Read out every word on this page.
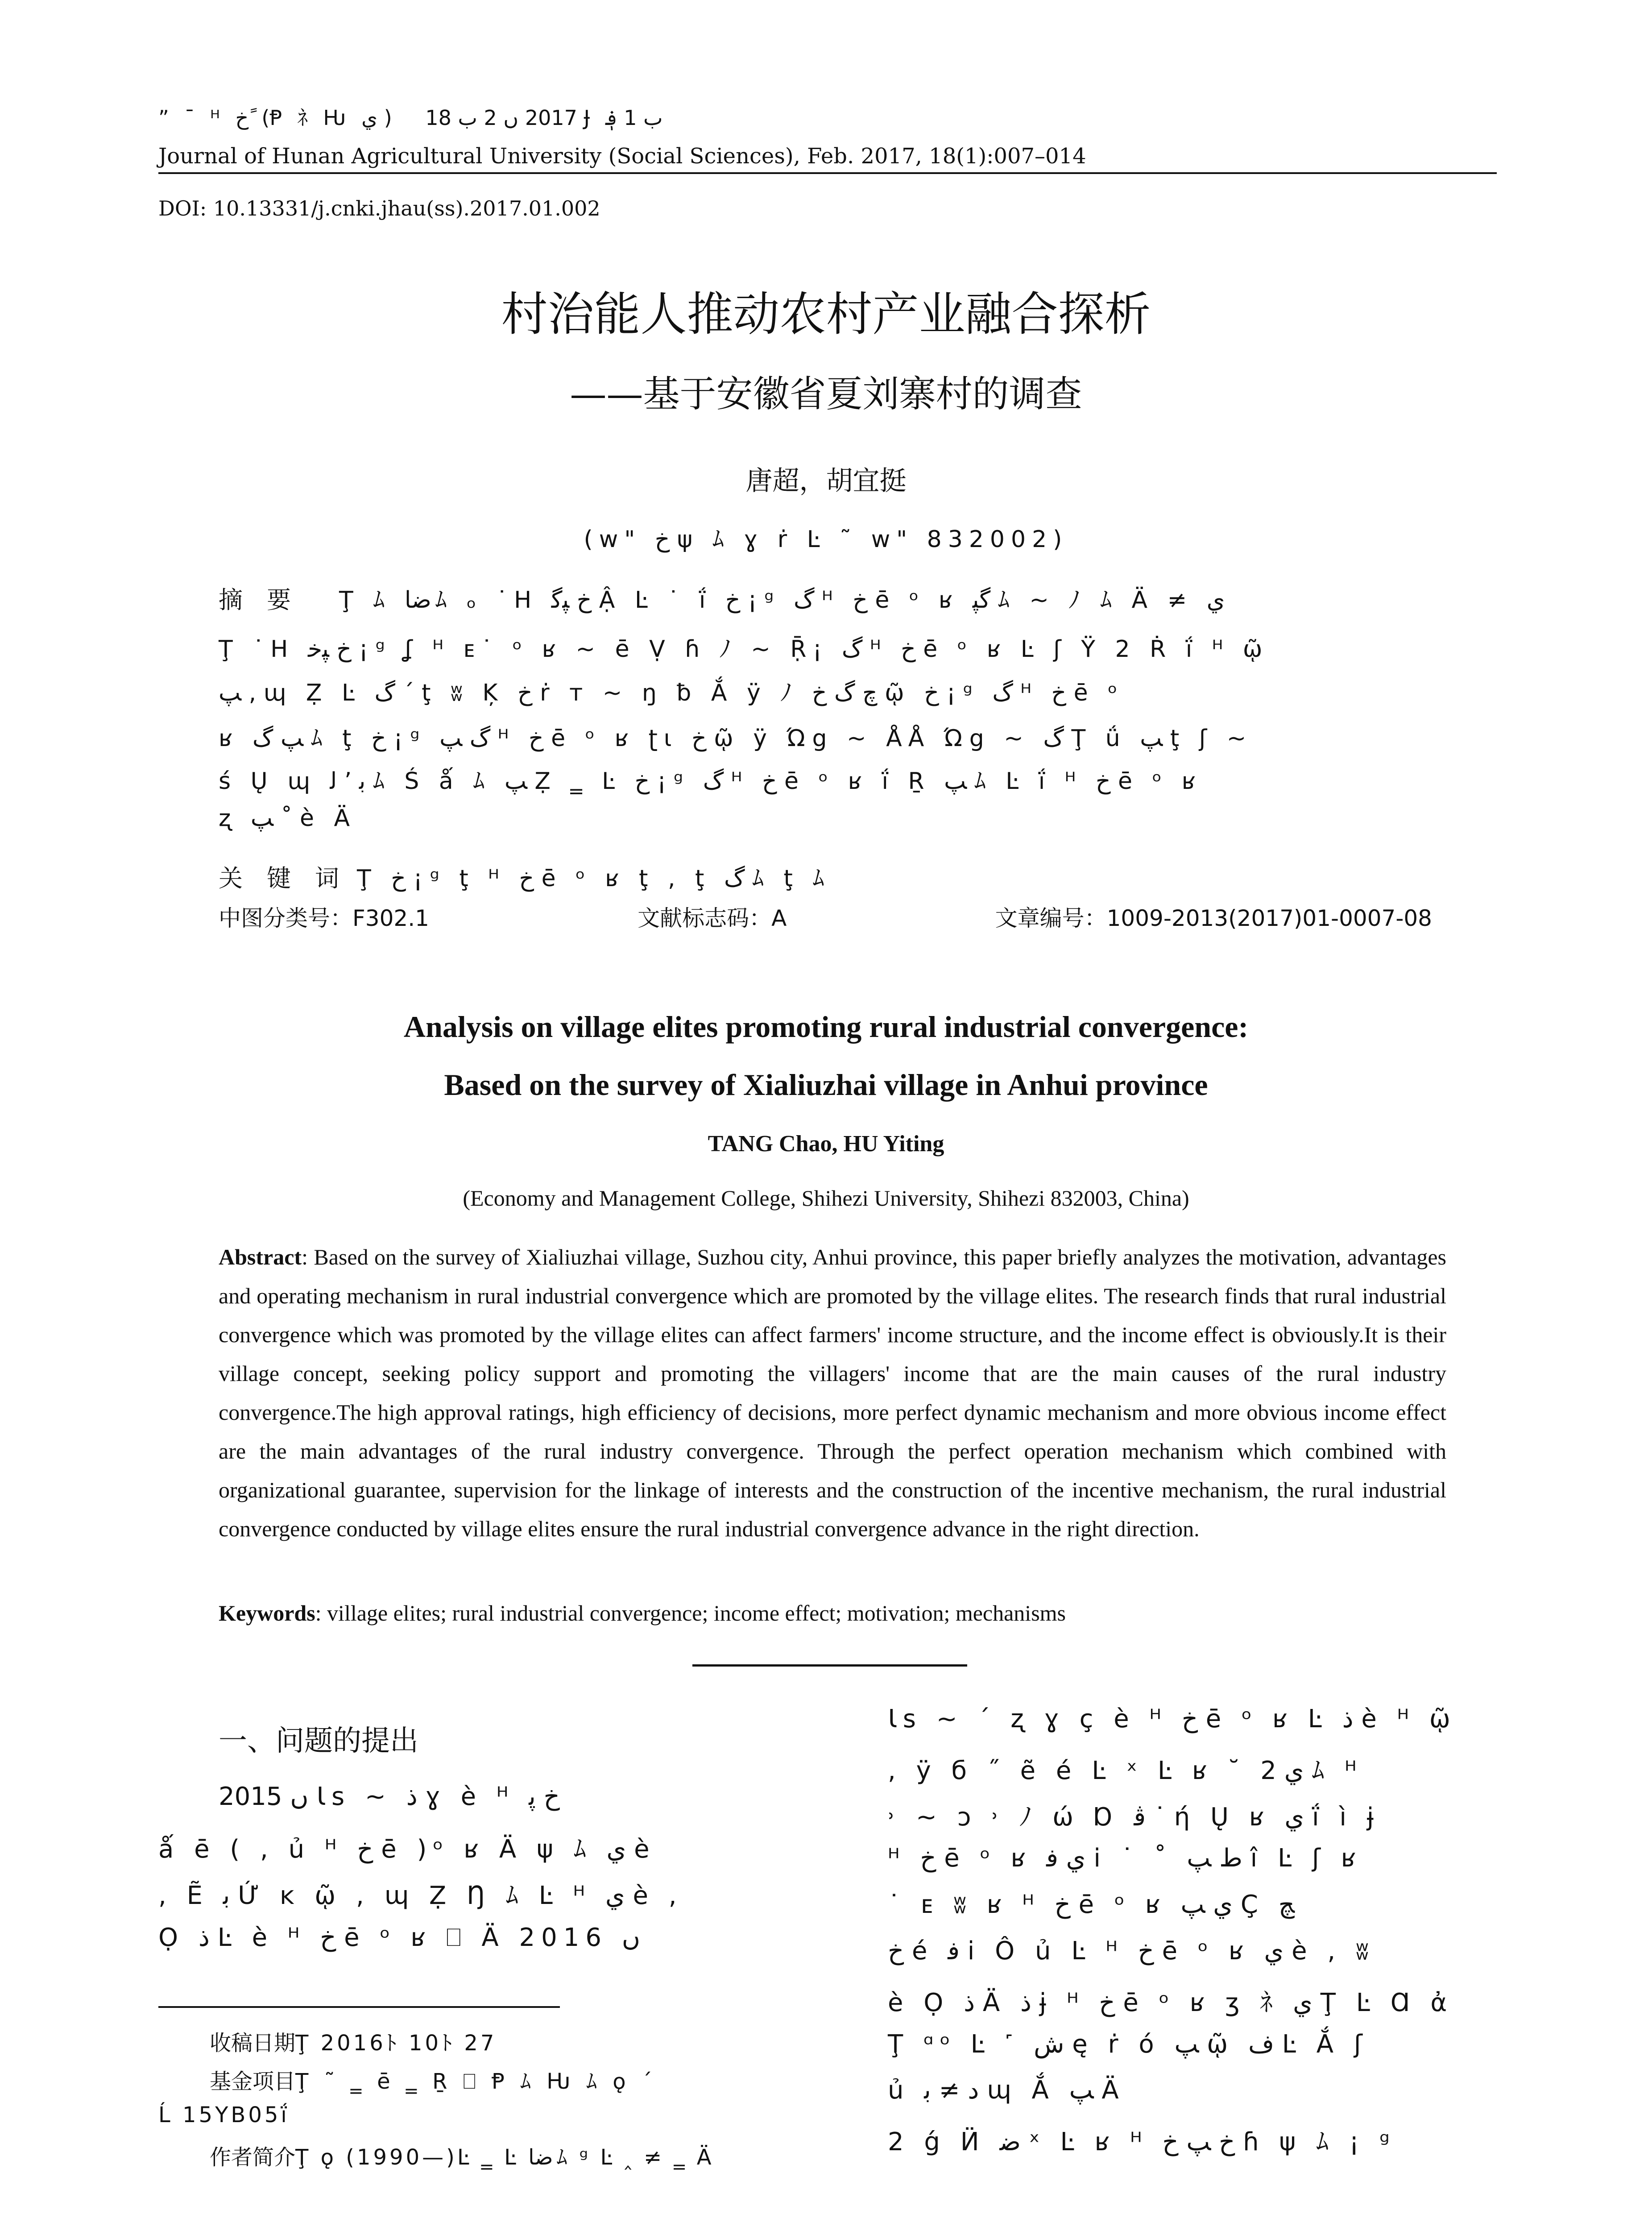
” ¯ ᴴ خ ً (Ᵽ ﾈ Ƕ ي ) 2017 ں 2 ب 18 Ɉ ب 1 ؋
Journal of Hunan Agricultural University (Social Sciences), Feb. 2017, 18(1):007–014
DOI: 10.13331/j.cnki.jhau(ss).2017.01.002
村治能人推动农村产业融合探析
——基于安徽省夏刘寨村的调查
唐超，胡宜挺
(ᴡ" خ ψ ﾑ ɣ ṙ Ŀ ˜ ᴡ" 832002)
摘　要 Ţ ﾑ ﺿﺎ ﾑ ₒ ˙H خ ﭙﮔ Ậ Ŀ ˙ ḯ خ ¡ ᵍ گ ᴴ خ ē ᵒ ʁ ﮔﭙ ﾑ ~ ﾉ ﾑ Ä ≠ ي
Ţ ˙H خ ﭙﺧ ¡ ᵍ ʆ ᴴ ᴇ˙ ᵒ ʁ ~ ē Ṿ ɦ ﾉ ~ Ṝ¡ گ ᴴ خ ē ᵒ ʁ Ŀ ʃ Ÿ 2 Ṙ ḯ ᴴ ῷ
ﭗ , ɰ Ẓ Ŀ گ ´ ţ ʬ Ķ خ ṙ т ~ ŋ ƀ Ắ ÿ ﾉ چ گ خ ῷ خ ¡ ᵍ گ ᴴ خ ē ᵒ
ʁ ﭗ گ ﾑ ţ خ ¡ ᵍ گ ﭗ ᴴ خ ē ᵒ ʁ ʈɩ خ ῷ ÿ Ώg ~ ÅÅ Ώg ~ گ Ţ ǘ ﭗ ţ ʃ ~
ś Ų ɰ ﺑ ’ ﻟ ﾑ Ś ǻ ﾑ ﭗ Ẓ ‗ Ŀ خ ¡ ᵍ گ ᴴ خ ē ᵒ ʁ ḯ Ṟ ﭗ ﾑ Ŀ ḯ ᴴ خ ē ᵒ ʁ
ʐ ﭗ ˚ è Ä
关　键　词 Ţ خ ¡ ᵍ ţ ᴴ خ ē ᵒ ʁ ţ , ţ گ ﾑ ţ ﾑ
中图分类号：F302.1	文献标志码：A	文章编号：1009-2013(2017)01-0007-08
Analysis on village elites promoting rural industrial convergence:
Based on the survey of Xialiuzhai village in Anhui province
TANG Chao, HU Yiting
(Economy and Management College, Shihezi University, Shihezi 832003, China)
Abstract: Based on the survey of Xialiuzhai village, Suzhou city, Anhui province, this paper briefly analyzes the motivation, advantages and operating mechanism in rural industrial convergence which are promoted by the village elites. The research finds that rural industrial convergence which was promoted by the village elites can affect farmers' income structure, and the income effect is obviously.It is their village concept, seeking policy support and promoting the villagers' income that are the main causes of the rural industry convergence.The high approval ratings, high efficiency of decisions, more perfect dynamic mechanism and more obvious income effect are the main advantages of the rural industry convergence. Through the perfect operation mechanism which combined with organizational guarantee, supervision for the linkage of interests and the construction of the incentive mechanism, the rural industrial convergence conducted by village elites ensure the rural industrial convergence advance in the right direction.
Keywords: village elites; rural industrial convergence; income effect; motivation; mechanisms
一、问题的提出
2015 ں Ɩs ~ ﺫ ɣ è ᴴ خ ﭘ
ǻ ē ( , ủ ᴴ خ ē )ᵒ ʁ Ä ψ ﾑ ي è
, Ẽ ﺑ Ứ ĸ ῷ , ɰ Ẓ Ŋ ﾑ Ŀ ᴴ ي è ,
Ọ ﺫ Ŀ è ᴴ خ ē ᵒ ʁ ⎕ Ä 2016 ں
收稿日期Ţ 2016ﾄ 10ﾄ 27
基金项目Ţ ˜ ‗ ē ‗ Ṟ ⎕ Ᵽ ﾑ Ƕ ﾑ ǫ ˊ
Ĺ 15YB05ḯ
作者简介Ţ ǫ (1990—)Ŀ ‗ Ŀ ﺿﺎ ﾑ ᵍ Ŀ ‸ ≠ ‗ Ä
Ɩs ~ ´ ʐ ɣ ç è ᴴ خ ē ᵒ ʁ Ŀ ﺫ è ᴴ ῷ
, ÿ б ˝ ẽ é Ŀ ˣ Ŀ ʁ ˘ ي 2 ﾑ ᴴ
˒ ~ ɔ ˒ ﾉ ώ Ɒ ﭬ ˙ ή Ų ʁ ي ḯ ì ɉ
ᴴ خ ē ᵒ ʁ ي ﻓ i ˙ ˚ ﻁ ﭗ î Ŀ ʃ ʁ
˙ ᴇ ʬ ʁ ᴴ خ ē ᵒ ʁ ي ﭗ Ç ﭻ
خ é ﻓ i Ô ủ Ŀ ᴴ خ ē ᵒ ʁ ي è , ʬ
è Ọ ﺫ Ä ﺫ ɉ ᴴ خ ē ᵒ ʁ ʒ ﾈ ي Ţ Ŀ Ɑ ἀ
Ţ ᵅᵒ Ŀ ˹ ﺵ ę ṙ ó ﭗ ῷ ﻑ Ŀ Ắ ʃ
ủ ﺩ ≠ ﺑ ɰ Ắ ﭗ Ä
2 ǵ Ӥ ﺿ ˣ Ŀ ʁ ᴴ خ ﭗ خ ɦ ψ ﾑ ¡ ᵍ
